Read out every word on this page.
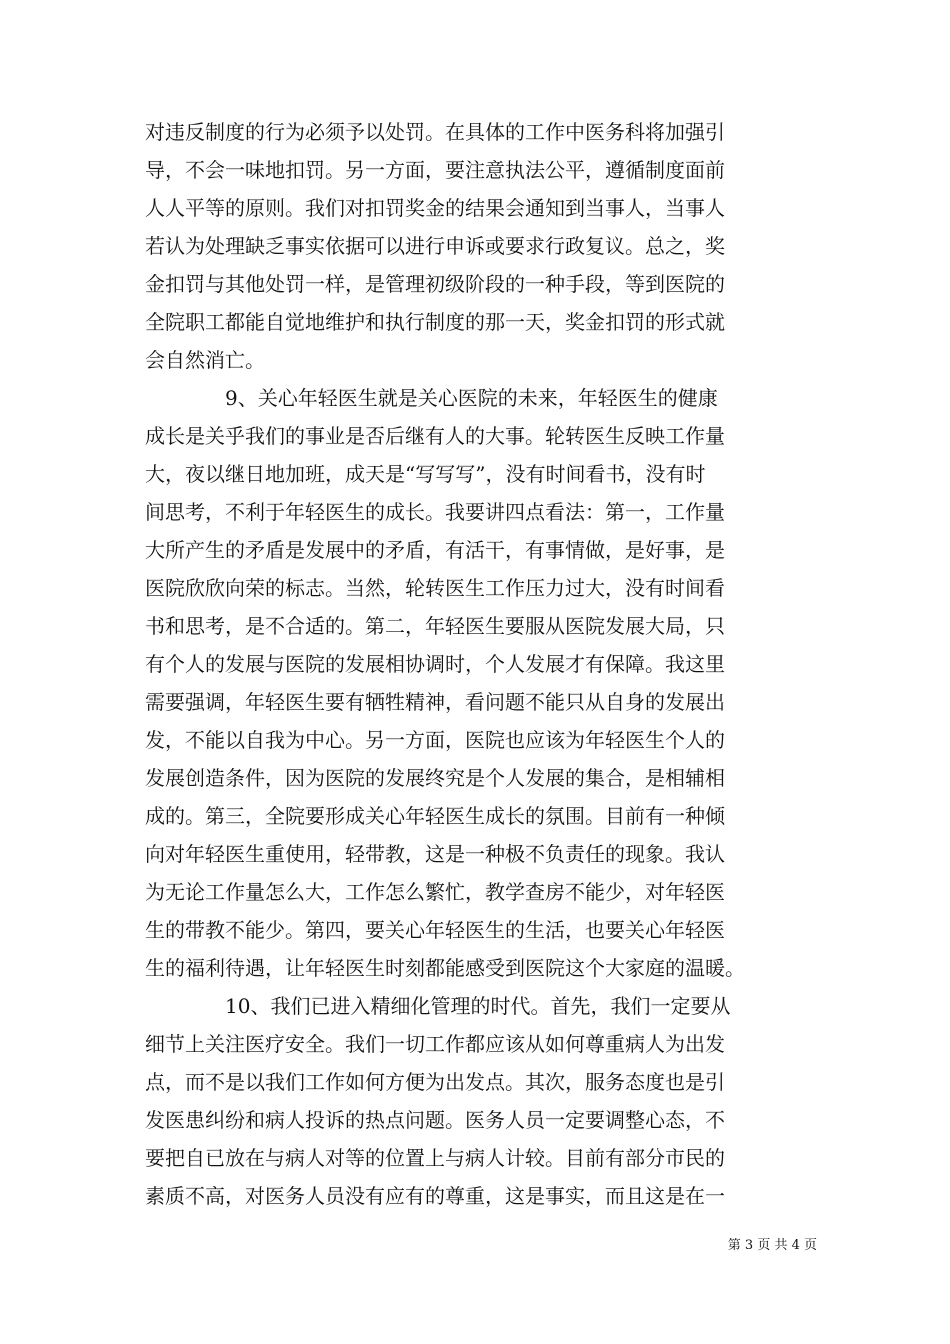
对违反制度的行为必须予以处罚。在具体的工作中医务科将加强引
导，不会一味地扣罚。另一方面，要注意执法公平，遵循制度面前
人人平等的原则。我们对扣罚奖金的结果会通知到当事人，当事人
若认为处理缺乏事实依据可以进行申诉或要求行政复议。总之，奖
金扣罚与其他处罚一样，是管理初级阶段的一种手段，等到医院的
全院职工都能自觉地维护和执行制度的那一天，奖金扣罚的形式就
会自然消亡。
　　　　9、关心年轻医生就是关心医院的未来，年轻医生的健康
成长是关乎我们的事业是否后继有人的大事。轮转医生反映工作量
大，夜以继日地加班，成天是“写写写”，没有时间看书，没有时
间思考，不利于年轻医生的成长。我要讲四点看法：第一，工作量
大所产生的矛盾是发展中的矛盾，有活干，有事情做，是好事，是
医院欣欣向荣的标志。当然，轮转医生工作压力过大，没有时间看
书和思考，是不合适的。第二，年轻医生要服从医院发展大局，只
有个人的发展与医院的发展相协调时，个人发展才有保障。我这里
需要强调，年轻医生要有牺牲精神，看问题不能只从自身的发展出
发，不能以自我为中心。另一方面，医院也应该为年轻医生个人的
发展创造条件，因为医院的发展终究是个人发展的集合，是相辅相
成的。第三，全院要形成关心年轻医生成长的氛围。目前有一种倾
向对年轻医生重使用，轻带教，这是一种极不负责任的现象。我认
为无论工作量怎么大，工作怎么繁忙，教学查房不能少，对年轻医
生的带教不能少。第四，要关心年轻医生的生活，也要关心年轻医
生的福利待遇，让年轻医生时刻都能感受到医院这个大家庭的温暖。
　　　　10、我们已进入精细化管理的时代。首先，我们一定要从
细节上关注医疗安全。我们一切工作都应该从如何尊重病人为出发
点，而不是以我们工作如何方便为出发点。其次，服务态度也是引
发医患纠纷和病人投诉的热点问题。医务人员一定要调整心态，不
要把自已放在与病人对等的位置上与病人计较。目前有部分市民的
素质不高，对医务人员没有应有的尊重，这是事实，而且这是在一
第 3 页 共 4 页
